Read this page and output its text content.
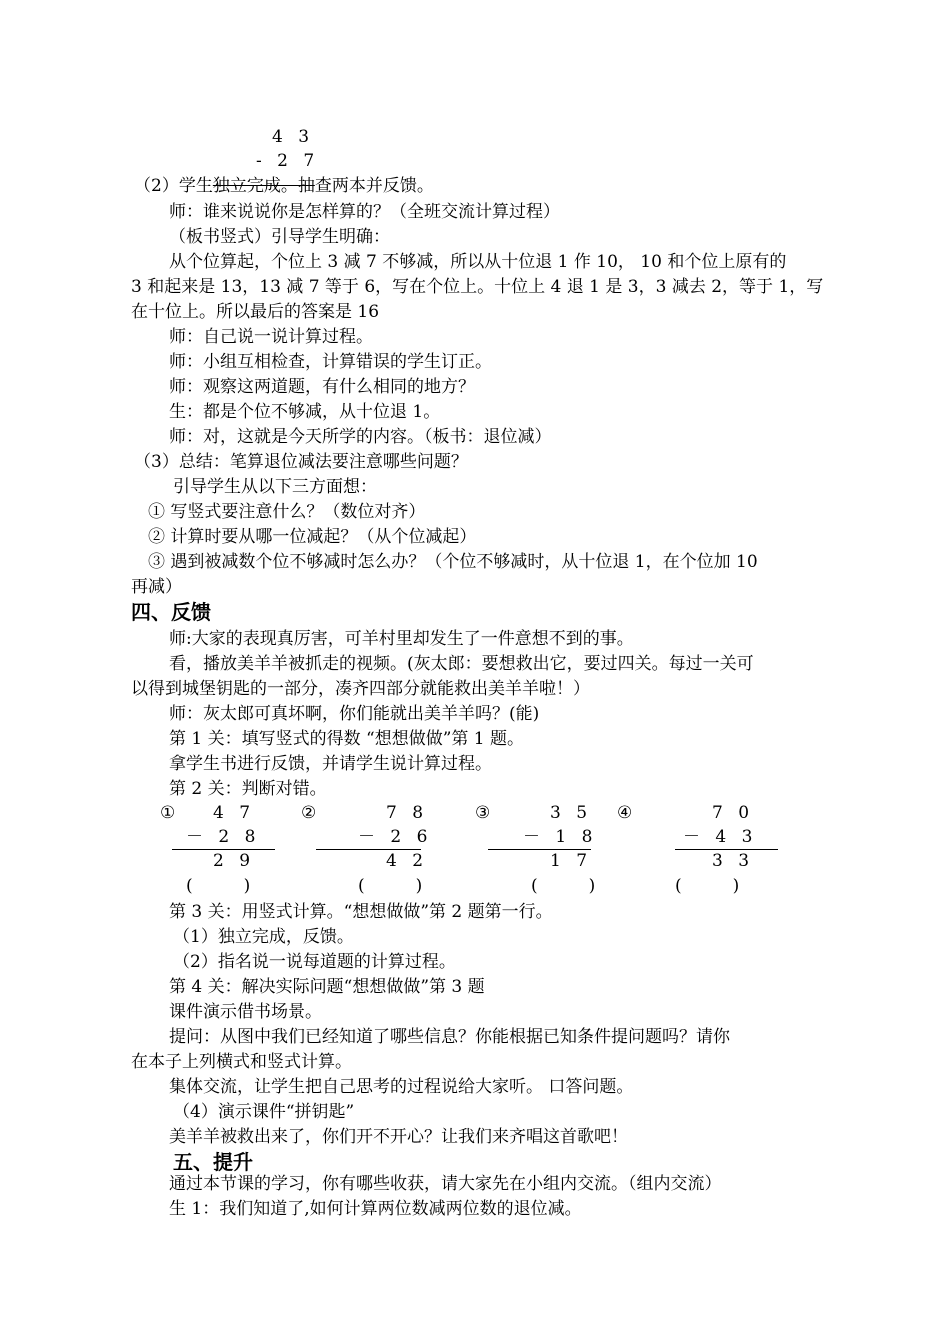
4 3
- 2 7
（2）学生独立完成。抽查两本并反馈。
师：谁来说说你是怎样算的？（全班交流计算过程）
（板书竖式）引导学生明确：
从个位算起，个位上 3 减 7 不够减，所以从十位退 1 作 10， 10 和个位上原有的
3 和起来是 13，13 减 7 等于 6，写在个位上。十位上 4 退 1 是 3，3 减去 2，等于 1，写
在十位上。所以最后的答案是 16
师：自己说一说计算过程。
师：小组互相检查，计算错误的学生订正。
师：观察这两道题，有什么相同的地方？
生：都是个位不够减，从十位退 1。
师：对，这就是今天所学的内容。（板书：退位减）
（3）总结：笔算退位减法要注意哪些问题？
引导学生从以下三方面想：
① 写竖式要注意什么？（数位对齐）
② 计算时要从哪一位减起？（从个位减起）
③ 遇到被减数个位不够减时怎么办？（个位不够减时，从十位退 1，在个位加 10
再减）
四、反馈
师:大家的表现真厉害，可羊村里却发生了一件意想不到的事。
看，播放美羊羊被抓走的视频。(灰太郎：要想救出它，要过四关。每过一关可
以得到城堡钥匙的一部分，凑齐四部分就能救出美羊羊啦！）
师：灰太郎可真坏啊，你们能就出美羊羊吗？(能)
第 1 关：填写竖式的得数 “想想做做”第 1 题。
拿学生书进行反馈，并请学生说计算过程。
第 2 关：判断对错。
① 4 7
－ 2 8
2 9
(　　　)
②	7 8
－ 2 6
4 2
(　　　)
③	3 5
－ 1 8
1 7
(　　　)
④	7 0
－ 4 3
3 3
(　　　)
第 3 关：用竖式计算。“想想做做”第 2 题第一行。
（1）独立完成，反馈。
（2）指名说一说每道题的计算过程。
第 4 关：解决实际问题“想想做做”第 3 题
课件演示借书场景。
提问：从图中我们已经知道了哪些信息？你能根据已知条件提问题吗？请你
在本子上列横式和竖式计算。
集体交流，让学生把自己思考的过程说给大家听。 口答问题。
（4）演示课件“拼钥匙”
美羊羊被救出来了，你们开不开心？让我们来齐唱这首歌吧！
五、提升
通过本节课的学习，你有哪些收获，请大家先在小组内交流。（组内交流）
生 1：我们知道了,如何计算两位数减两位数的退位减。
